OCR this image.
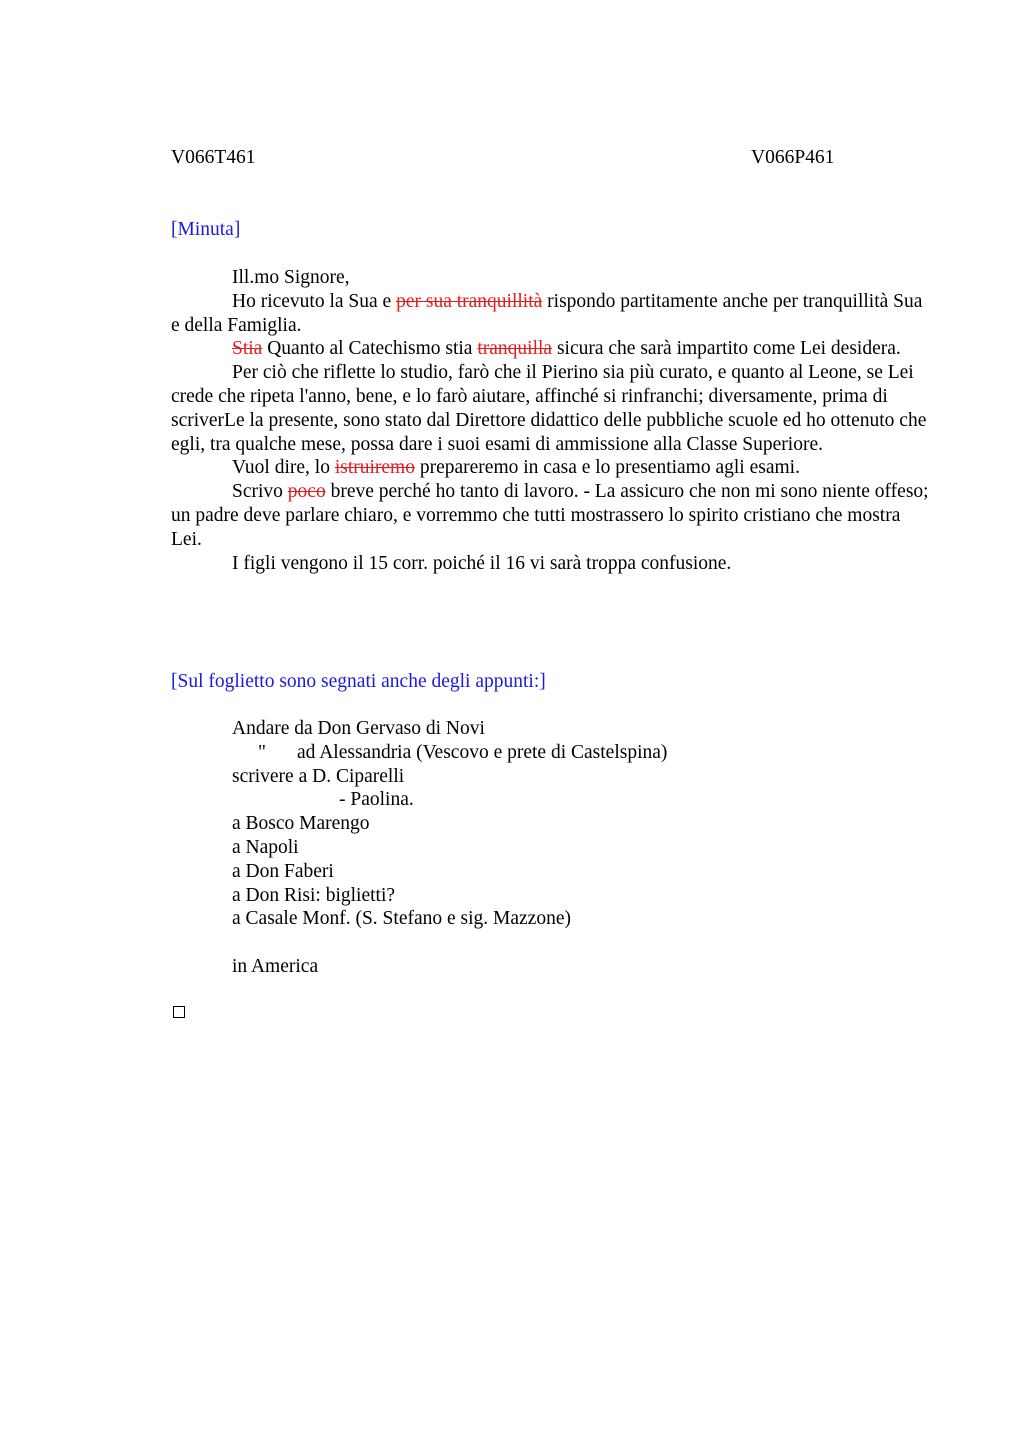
V066T461	V066P461
[Minuta]

Ill.mo Signore,

Ho ricevuto la Sua e per sua tranquillità rispondo partitamente anche per tranquillità Sua e della Famiglia.

Stia Quanto al Catechismo stia tranquilla sicura che sarà impartito come Lei desidera.

Per ciò che riflette lo studio, farò che il Pierino sia più curato, e quanto al Leone, se Lei crede che ripeta l'anno, bene, e lo farò aiutare, affinché si rinfranchi; diversamente, prima di scriverLe la presente, sono stato dal Direttore didattico delle pubbliche scuole ed ho ottenuto che egli, tra qualche mese, possa dare i suoi esami di ammissione alla Classe Superiore.

Vuol dire, lo istruiremo prepareremo in casa e lo presentiamo agli esami.

Scrivo poco breve perché ho tanto di lavoro. - La assicuro che non mi sono niente offeso; un padre deve parlare chiaro, e vorremmo che tutti mostrassero lo spirito cristiano che mostra Lei.

I figli vengono il 15 corr. poiché il 16 vi sarà troppa confusione.

[Sul foglietto sono segnati anche degli appunti:]
Andare da Don Gervaso di Novi
" ad Alessandria (Vescovo e prete di Castelspina)
scrivere a D. Ciparelli
- Paolina.
a Bosco Marengo
a Napoli
a Don Faberi
a Don Risi: biglietti?
a Casale Monf. (S. Stefano e sig. Mazzone)
in America
